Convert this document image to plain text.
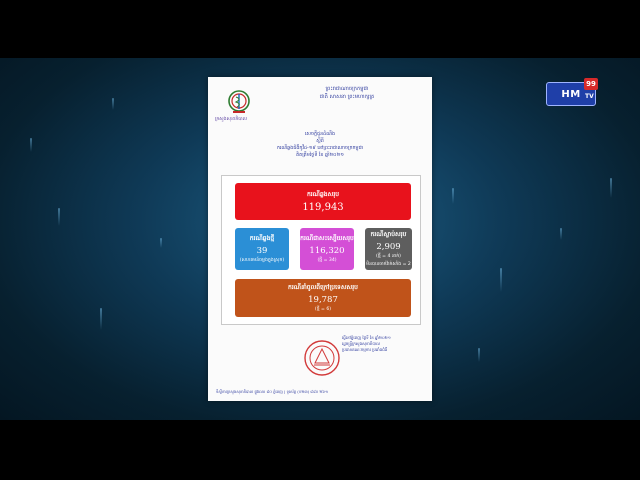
HM
99
TV
ក្រសួងសុខាភិបាល
ព្រះរាជាណាចក្រកម្ពុជា
ជាតិ សាសនា ព្រះមហាក្សត្រ
សេចក្តីជូនដំណឹង
ស្តីពី
ករណីឆ្លងជំងឺកូវីដ-១៩ នៅព្រះរាជាណាចក្រកម្ពុជា
គិតត្រឹមថ្ងៃទី ខែ ឆ្នាំ២០២១
ករណីឆ្លងសរុប
119,943
ករណីឆ្លងថ្មី
39
(សហគមន៍ចម្លងក្នុងស្រុក)
ករណីជាសះស្បើយសរុប
116,320
(ថ្មី = 34)
ករណីស្លាប់សរុប
2,909
(ថ្មី = 4 នាក់)
មិនបានចាក់វ៉ាក់សាំង = 2
ករណីនាំចូលពីក្រៅប្រទេសសរុប
19,787
(ថ្មី = 6)
ធ្វើនៅភ្នំពេញ ថ្ងៃទី ខែ ឆ្នាំ២០២១
រដ្ឋមន្ត្រីក្រសួងសុខាភិបាល
ប្រធានគណៈកម្មការ ប្រឆាំងជំងឺ
ទីស្តីការក្រសួងសុខាភិបាល ផ្លូវលេខ ៨០ ភ្នំពេញ | ទូរស័ព្ទ (០២៣) ៨៨០ ២៦១
